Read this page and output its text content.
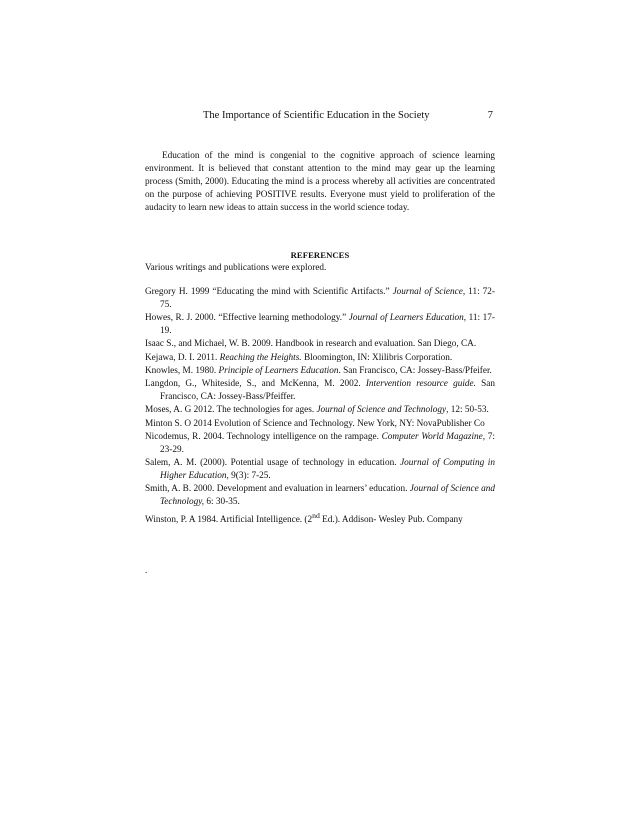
The Importance of Scientific Education in the Society	7

Education of the mind is congenial to the cognitive approach of science learning environment. It is believed that constant attention to the mind may gear up the learning process (Smith, 2000). Educating the mind is a process whereby all activities are concentrated on the purpose of achieving POSITIVE results. Everyone must yield to proliferation of the audacity to learn new ideas to attain success in the world science today.

REFERENCES

Various writings and publications were explored.

Gregory H. 1999 “Educating the mind with Scientific Artifacts.” Journal of Science, 11: 72-75.
Howes, R. J. 2000. “Effective learning methodology.” Journal of Learners Education, 11: 17-19.
Isaac S., and Michael, W. B. 2009. Handbook in research and evaluation. San Diego, CA.
Kejawa, D. I. 2011. Reaching the Heights. Bloomington, IN: Xlilibris Corporation.
Knowles, M. 1980. Principle of Learners Education. San Francisco, CA: Jossey-Bass/Pfeifer.
Langdon, G., Whiteside, S., and McKenna, M. 2002. Intervention resource guide. San Francisco, CA: Jossey-Bass/Pfeiffer.
Moses, A. G 2012. The technologies for ages. Journal of Science and Technology, 12: 50-53.
Minton S. O 2014 Evolution of Science and Technology. New York, NY: NovaPublisher Co
Nicodemus, R. 2004. Technology intelligence on the rampage. Computer World Magazine, 7: 23-29.
Salem, A. M. (2000). Potential usage of technology in education. Journal of Computing in Higher Education, 9(3): 7-25.
Smith, A. B. 2000. Development and evaluation in learners’ education. Journal of Science and Technology, 6: 30-35.
Winston, P. A 1984. Artificial Intelligence. (2nd Ed.). Addison- Wesley Pub. Company
.
